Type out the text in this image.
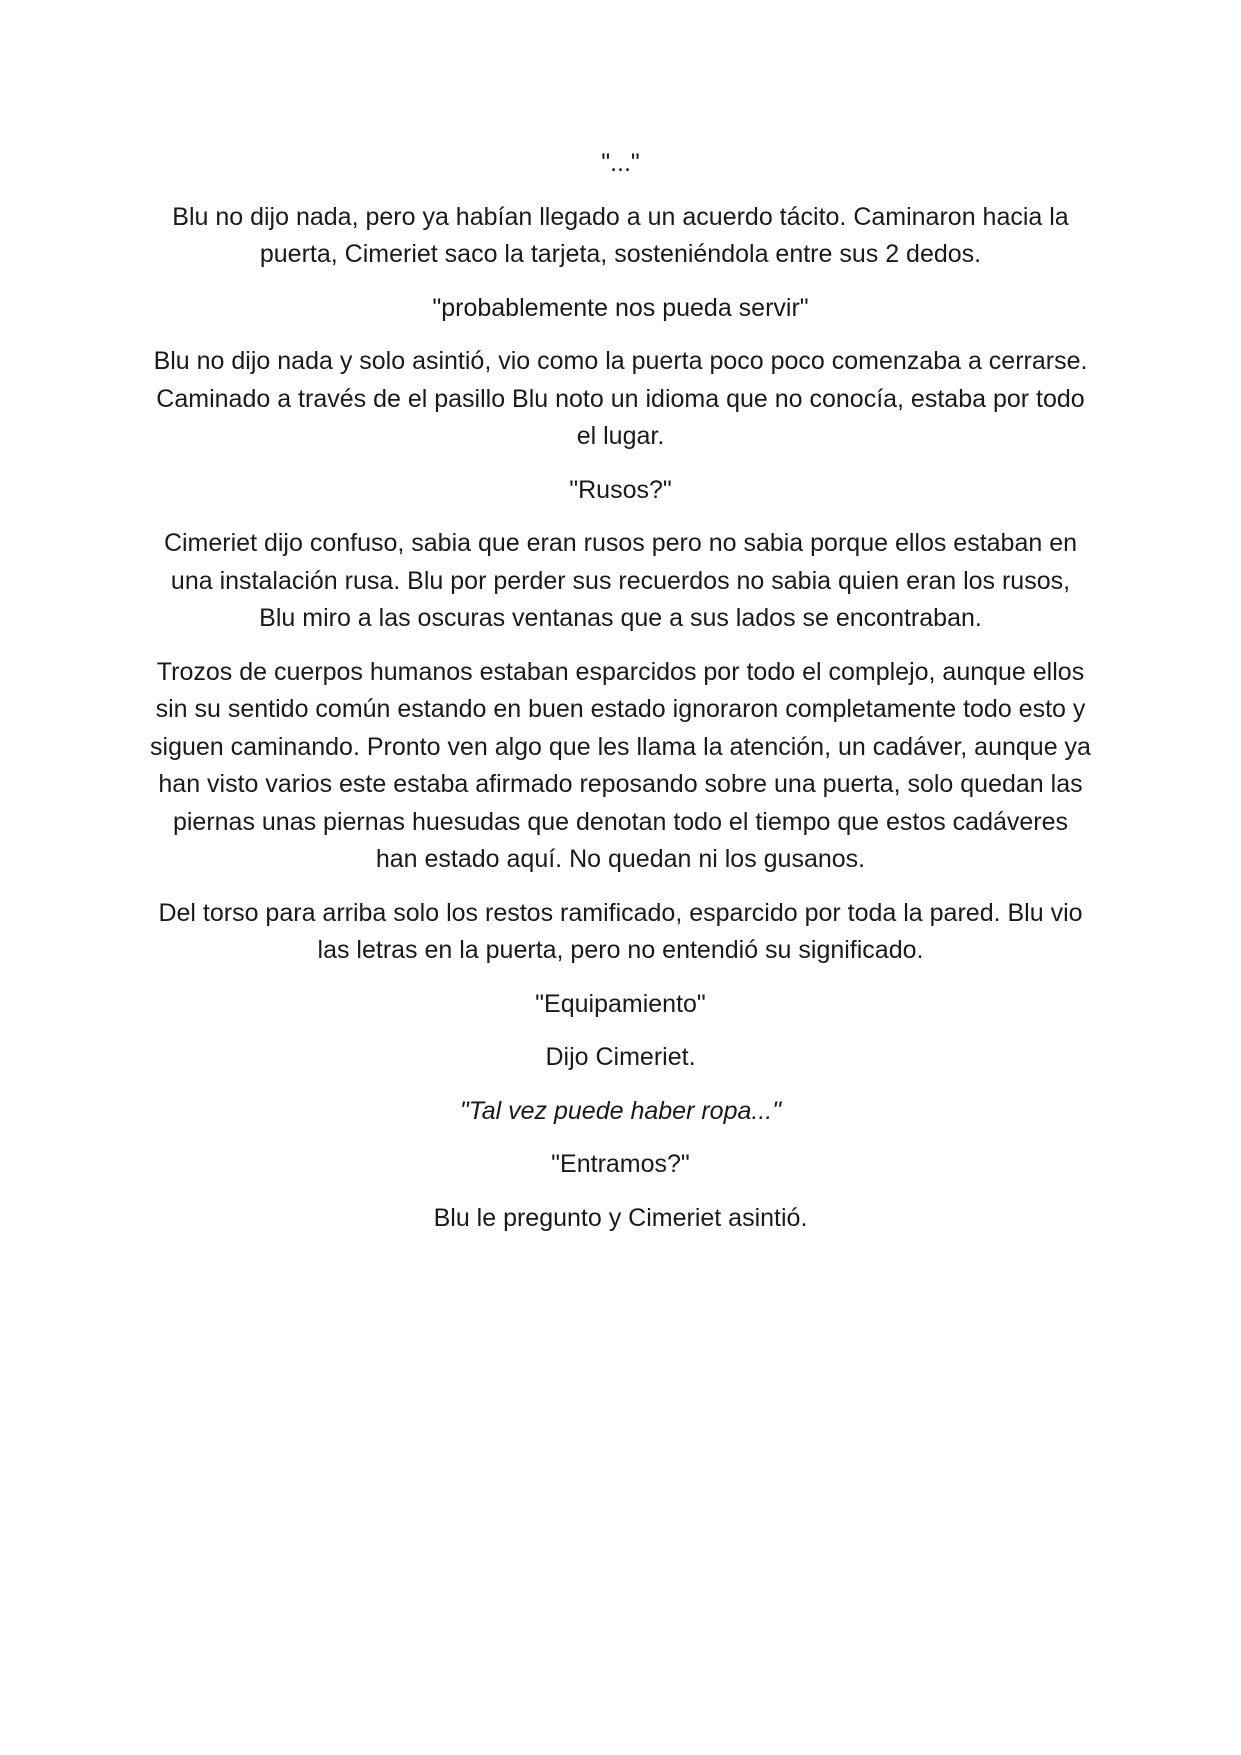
"..."

Blu no dijo nada, pero ya habían llegado a un acuerdo tácito. Caminaron hacia la puerta, Cimeriet saco la tarjeta, sosteniéndola entre sus 2 dedos.

"probablemente nos pueda servir"

Blu no dijo nada y solo asintió, vio como la puerta poco poco comenzaba a cerrarse. Caminado a través de el pasillo Blu noto un idioma que no conocía, estaba por todo el lugar.

"Rusos?"

Cimeriet dijo confuso, sabia que eran rusos pero no sabia porque ellos estaban en una instalación rusa. Blu por perder sus recuerdos no sabia quien eran los rusos, Blu miro a las oscuras ventanas que a sus lados se encontraban.

Trozos de cuerpos humanos estaban esparcidos por todo el complejo, aunque ellos sin su sentido común estando en buen estado ignoraron completamente todo esto y siguen caminando. Pronto ven algo que les llama la atención, un cadáver, aunque ya han visto varios este estaba afirmado reposando sobre una puerta, solo quedan las piernas unas piernas huesudas que denotan todo el tiempo que estos cadáveres han estado aquí. No quedan ni los gusanos.

Del torso para arriba solo los restos ramificado, esparcido por toda la pared. Blu vio las letras en la puerta, pero no entendió su significado.

"Equipamiento"

Dijo Cimeriet.

"Tal vez puede haber ropa..."

"Entramos?"

Blu le pregunto y Cimeriet asintió.
